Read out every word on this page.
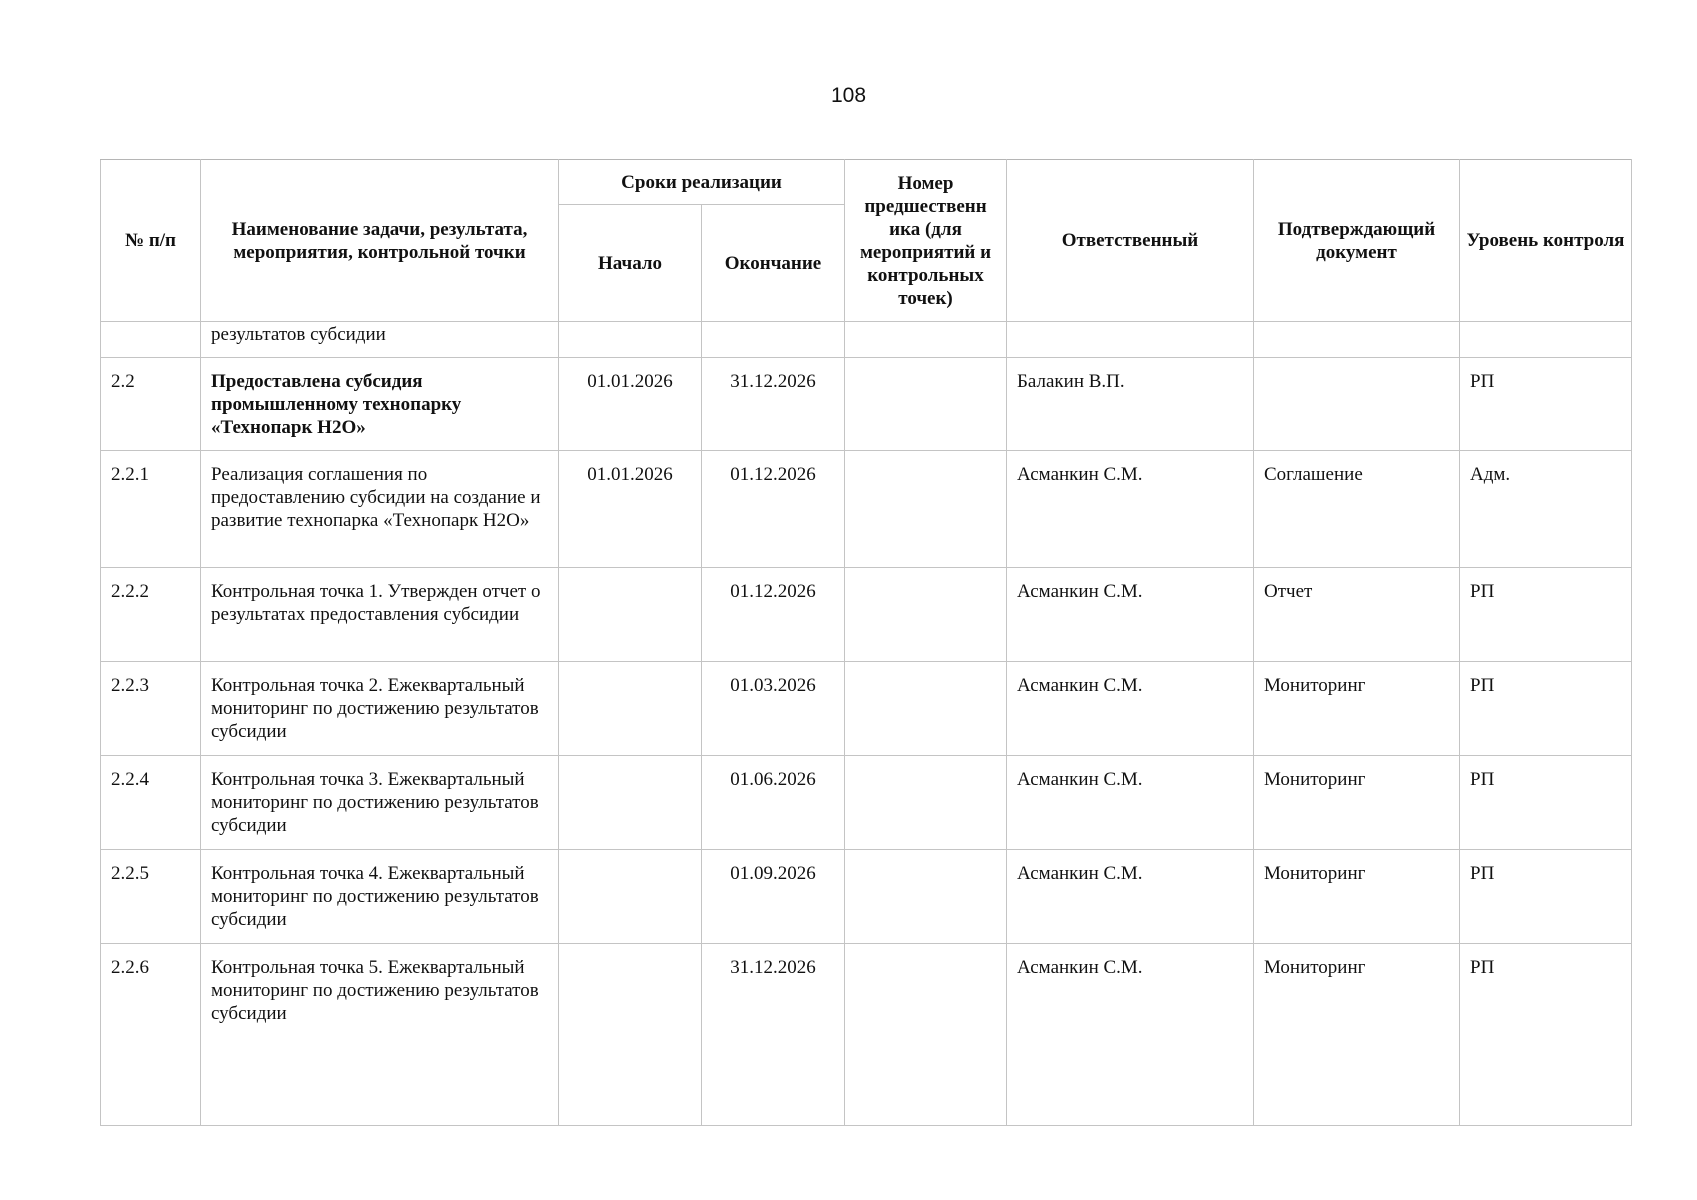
108
№ п/п	Наименование задачи, результата, мероприятия, контрольной точки	Сроки реализации		Номер предшественн ика (для мероприятий и контрольных точек)	Ответственный	Подтверждающий документ	Уровень контроля
		Начало	Окончание				
	результатов субсидии						
2.2	Предоставлена субсидия промышленному технопарку «Технопарк Н2О»	01.01.2026	31.12.2026		Балакин В.П.		РП
2.2.1	Реализация соглашения по предоставлению субсидии на создание и развитие технопарка «Технопарк Н2О»	01.01.2026	01.12.2026		Асманкин С.М.	Соглашение	Адм.
2.2.2	Контрольная точка 1. Утвержден отчет о результатах предоставления субсидии		01.12.2026		Асманкин С.М.	Отчет	РП
2.2.3	Контрольная точка 2. Ежеквартальный мониторинг по достижению результатов субсидии		01.03.2026		Асманкин С.М.	Мониторинг	РП
2.2.4	Контрольная точка 3. Ежеквартальный мониторинг по достижению результатов субсидии		01.06.2026		Асманкин С.М.	Мониторинг	РП
2.2.5	Контрольная точка 4. Ежеквартальный мониторинг по достижению результатов субсидии		01.09.2026		Асманкин С.М.	Мониторинг	РП
2.2.6	Контрольная точка 5. Ежеквартальный мониторинг по достижению результатов субсидии		31.12.2026		Асманкин С.М.	Мониторинг	РП
